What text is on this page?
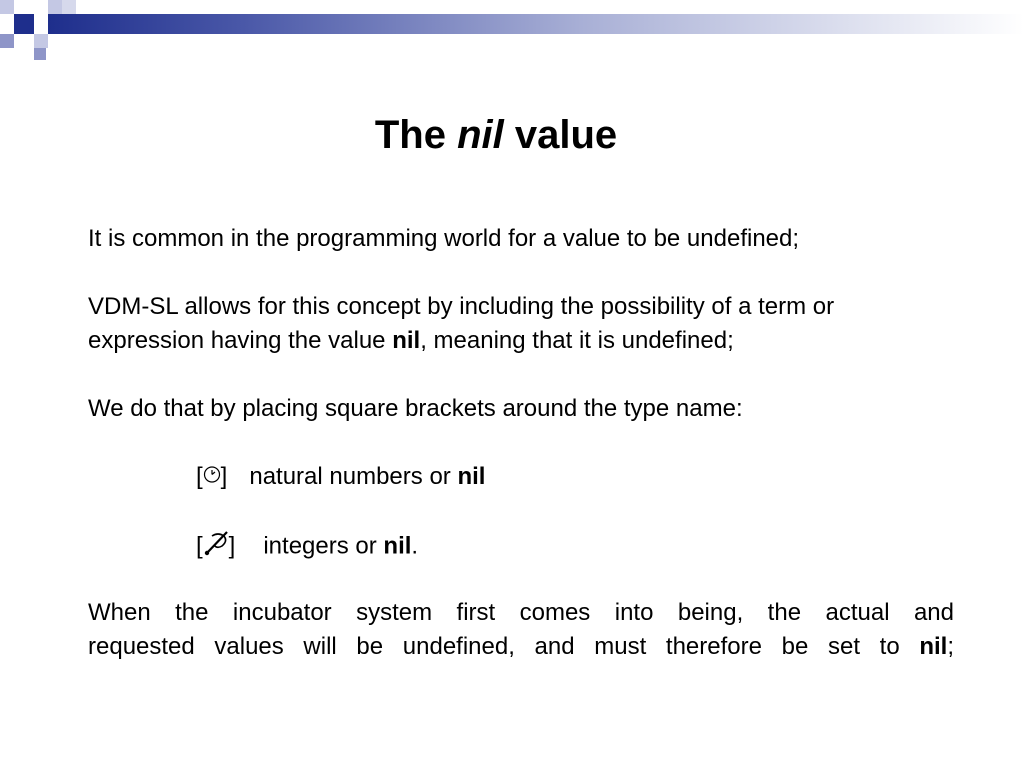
The nil value

It is common in the programming world for a value to be undefined;

VDM-SL allows for this concept by including the possibility of a term or expression having the value nil, meaning that it is undefined;

We do that by placing square brackets around the type name:

[ ] natural numbers or nil
[ ] integers or nil.

When the incubator system first comes into being, the actual and
requested values will be undefined, and must therefore be set to nil;
